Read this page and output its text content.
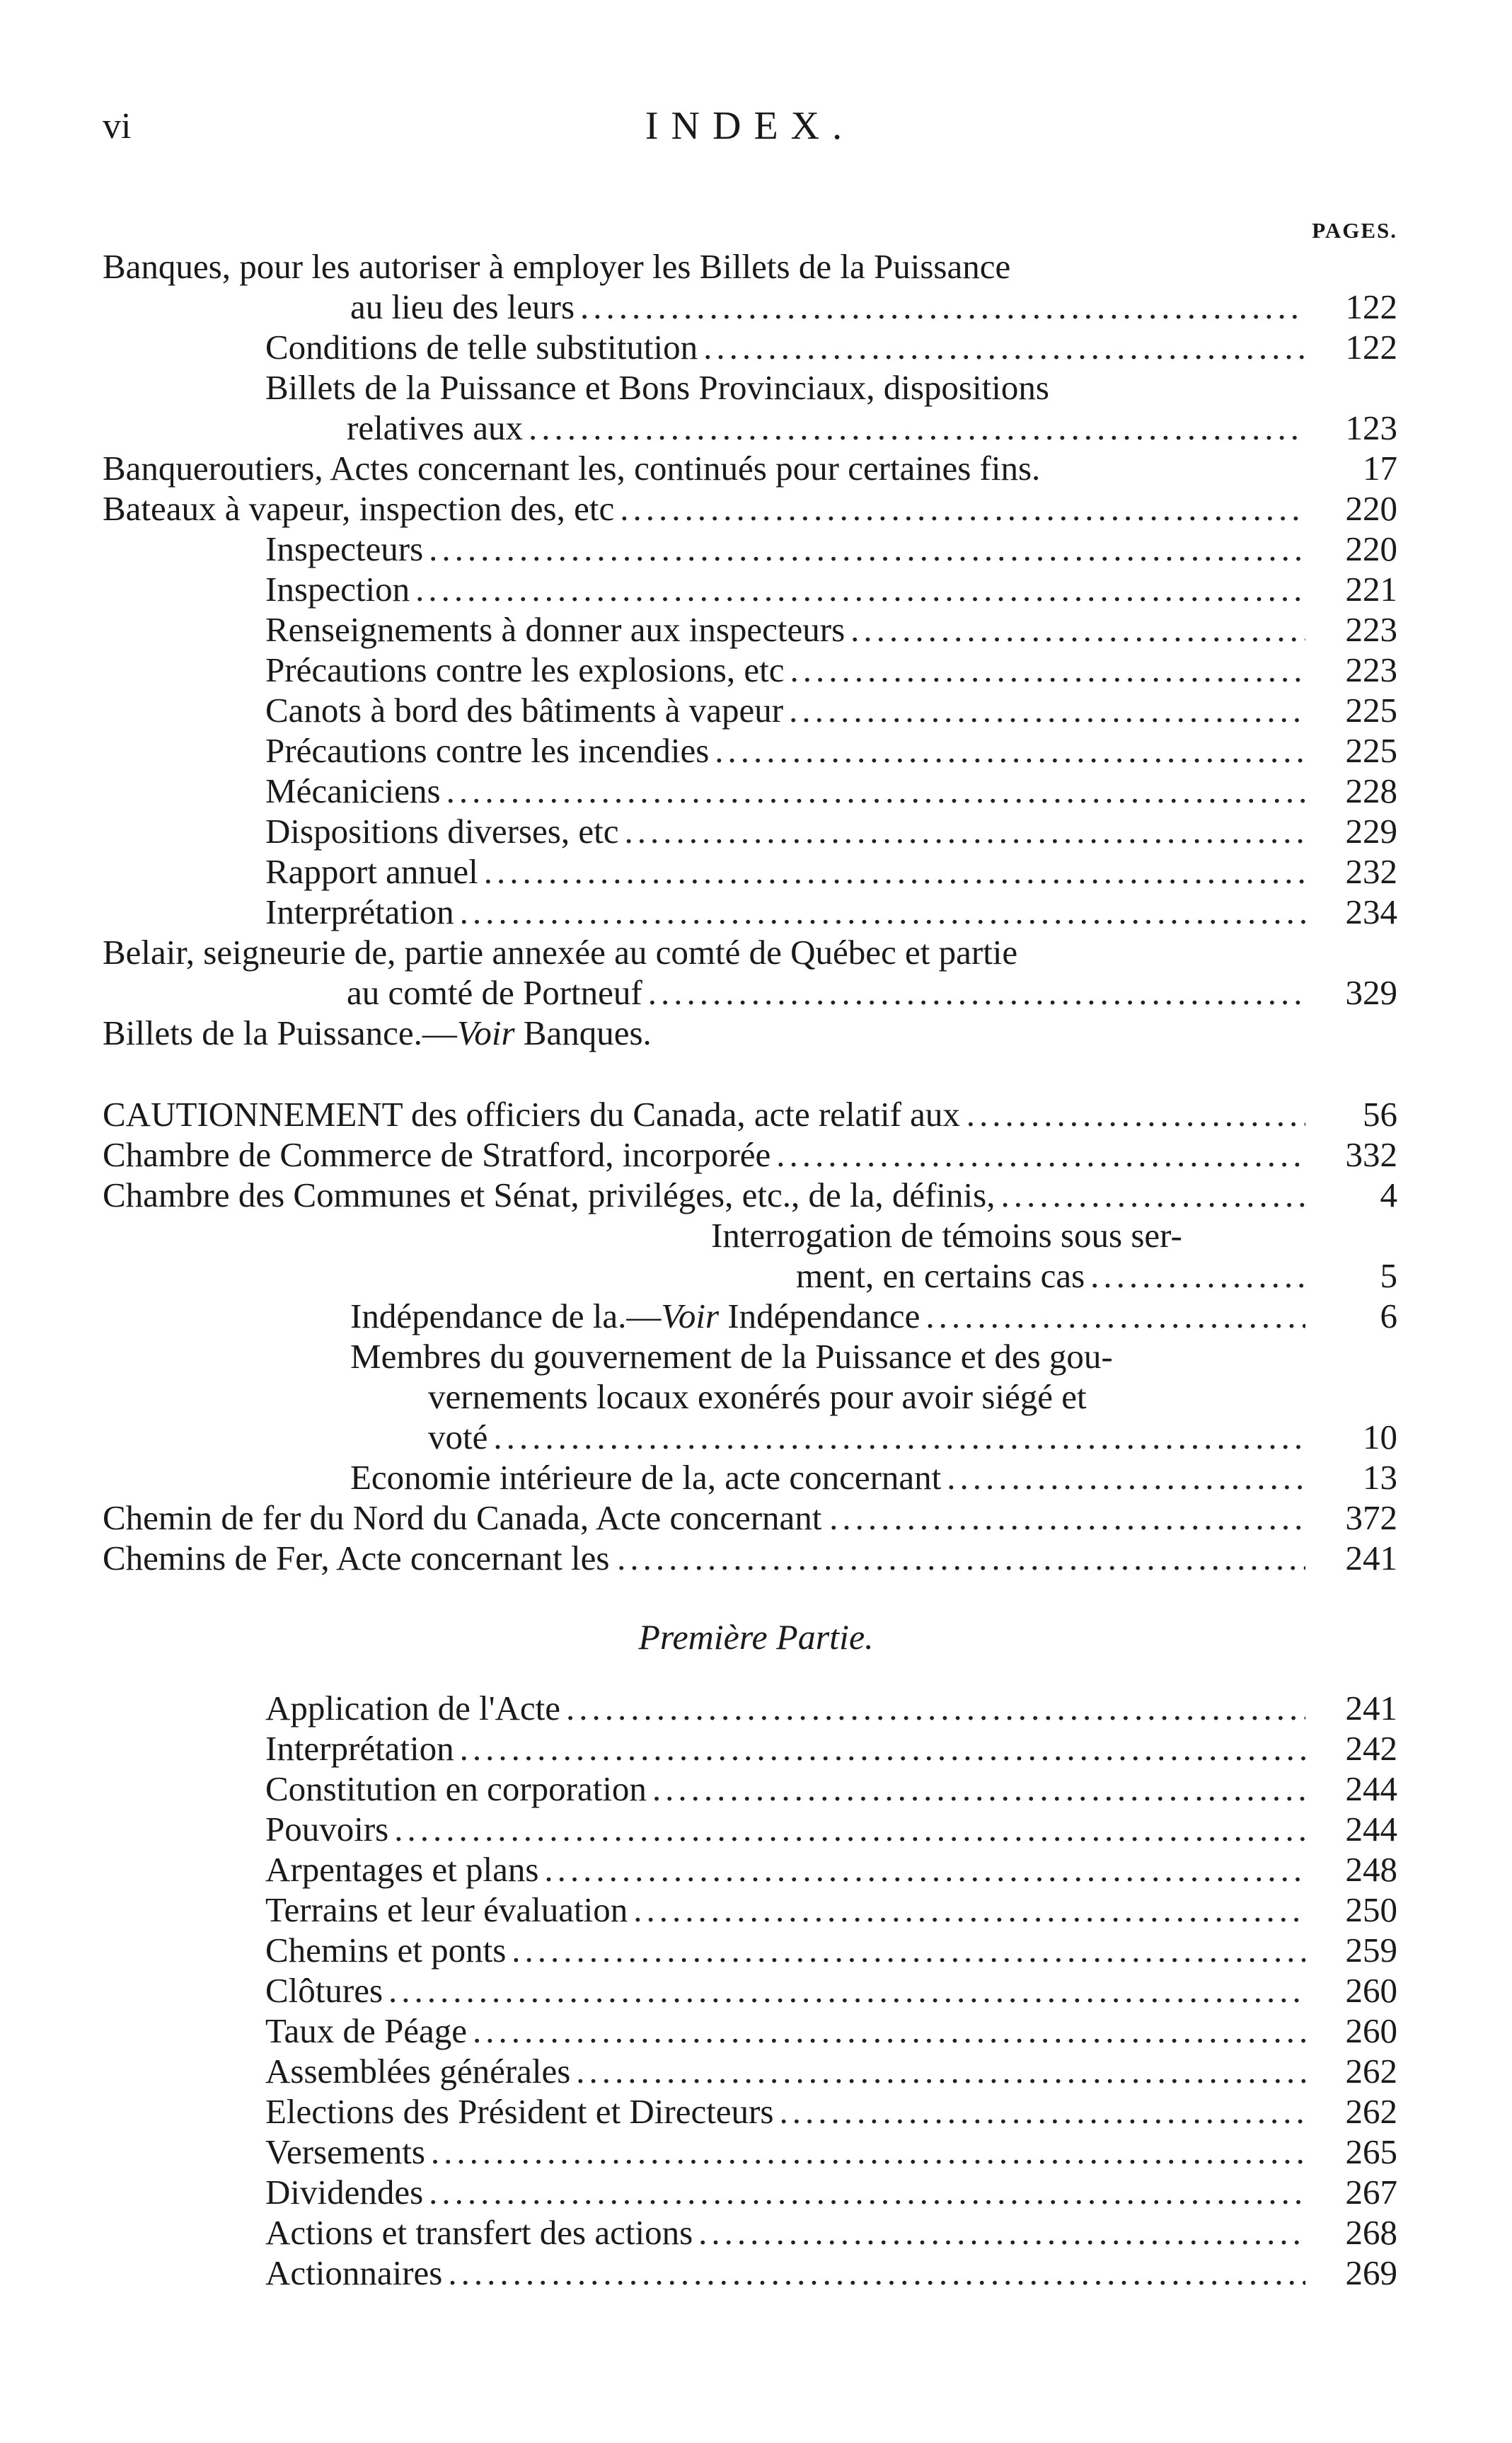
vi	INDEX.
PAGES.
Banques, pour les autoriser à employer les Billets de la Puissance
au lieu des leurs .....	122
Conditions de telle substitution .....	122
Billets de la Puissance et Bons Provinciaux, dispositions
relatives aux .....	123
Banqueroutiers, Actes concernant les, continués pour certaines fins.	17
Bateaux à vapeur, inspection des, etc .....	220
Inspecteurs .....	220
Inspection .....	221
Renseignements à donner aux inspecteurs .....	223
Précautions contre les explosions, etc .....	223
Canots à bord des bâtiments à vapeur .....	225
Précautions contre les incendies .....	225
Mécaniciens .....	228
Dispositions diverses, etc .....	229
Rapport annuel .....	232
Interprétation .....	234
Belair, seigneurie de, partie annexée au comté de Québec et partie
au comté de Portneuf .....	329
Billets de la Puissance.—Voir Banques.
CAUTIONNEMENT des officiers du Canada, acte relatif aux .....	56
Chambre de Commerce de Stratford, incorporée .....	332
Chambre des Communes et Sénat, priviléges, etc., de la, définis, .....	4
Interrogation de témoins sous ser-
ment, en certains cas .....	5
Indépendance de la.—Voir Indépendance .....	6
Membres du gouvernement de la Puissance et des gou-
vernements locaux exonérés pour avoir siégé et
voté .....	10
Economie intérieure de la, acte concernant .....	13
Chemin de fer du Nord du Canada, Acte concernant .....	372
Chemins de Fer, Acte concernant les .....	241
Première Partie.
Application de l'Acte .....	241
Interprétation .....	242
Constitution en corporation .....	244
Pouvoirs .....	244
Arpentages et plans .....	248
Terrains et leur évaluation .....	250
Chemins et ponts .....	259
Clôtures .....	260
Taux de Péage .....	260
Assemblées générales .....	262
Elections des Président et Directeurs .....	262
Versements .....	265
Dividendes .....	267
Actions et transfert des actions .....	268
Actionnaires .....	269
